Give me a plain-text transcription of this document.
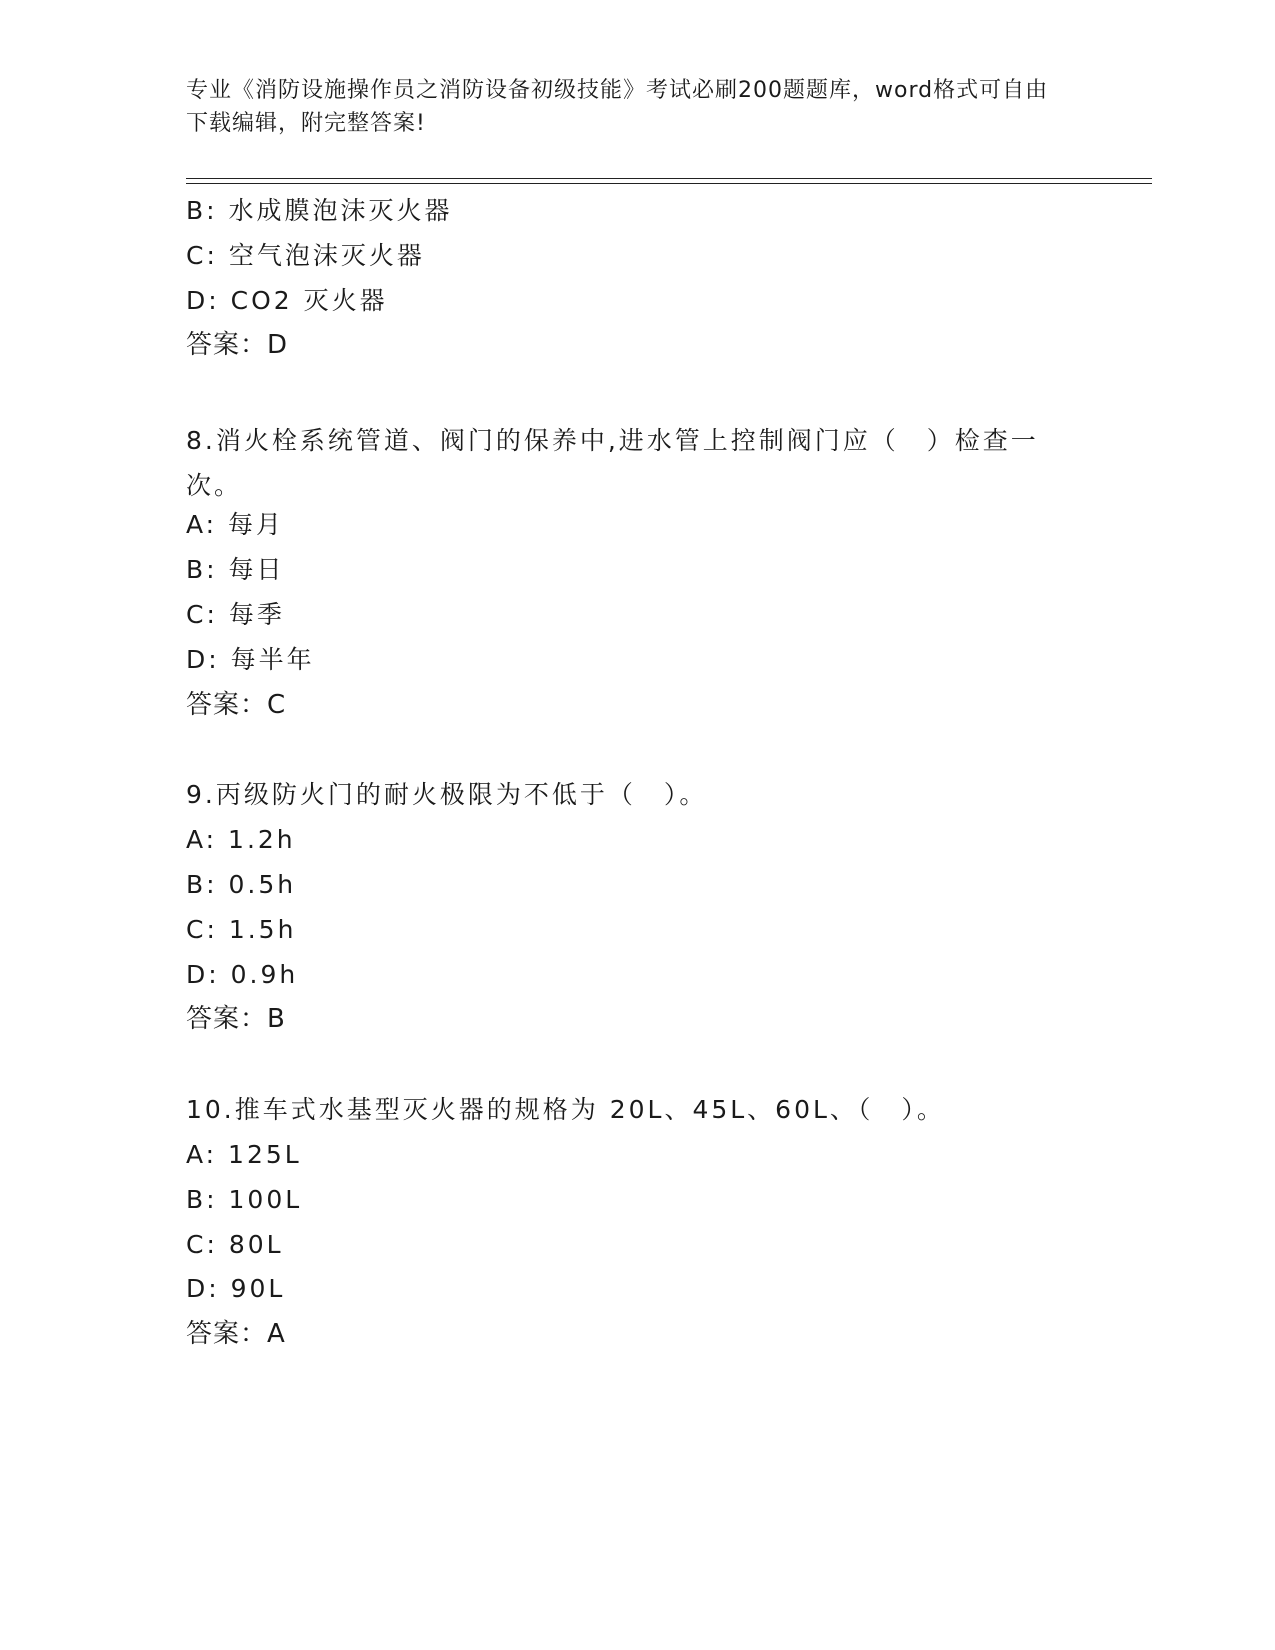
专业《消防设施操作员之消防设备初级技能》考试必刷200题题库，word格式可自由下载编辑，附完整答案!
B: 水成膜泡沫灭火器
C: 空气泡沫灭火器
D: CO2 灭火器
答案：D
8.消火栓系统管道、阀门的保养中,进水管上控制阀门应（　）检查一次。
A: 每月
B: 每日
C: 每季
D: 每半年
答案：C
9.丙级防火门的耐火极限为不低于（　）。
A: 1.2h
B: 0.5h
C: 1.5h
D: 0.9h
答案：B
10.推车式水基型灭火器的规格为 20L、45L、60L、（　）。
A: 125L
B: 100L
C: 80L
D: 90L
答案：A
